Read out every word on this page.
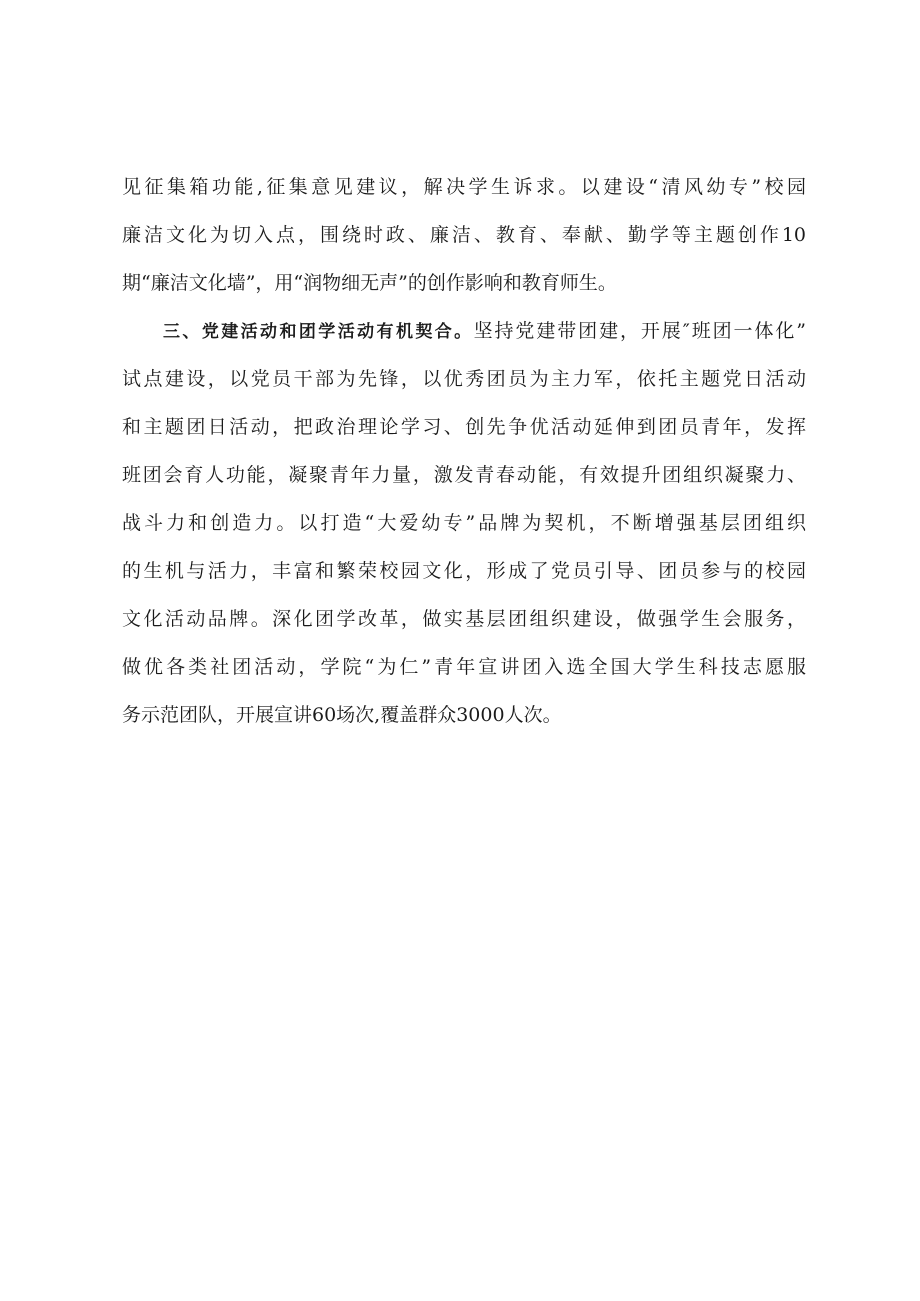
见征集箱功能,征集意见建议，解决学生诉求。以建设“清风幼专”校园
廉洁文化为切入点，围绕时政、廉洁、教育、奉献、勤学等主题创作10
期“廉洁文化墙”，用“润物细无声”的创作影响和教育师生。
三、党建活动和团学活动有机契合。坚持党建带团建，开展″班团一体化”
试点建设，以党员干部为先锋，以优秀团员为主力军，依托主题党日活动
和主题团日活动，把政治理论学习、创先争优活动延伸到团员青年，发挥
班团会育人功能，凝聚青年力量，激发青春动能，有效提升团组织凝聚力、
战斗力和创造力。以打造“大爱幼专”品牌为契机，不断增强基层团组织
的生机与活力，丰富和繁荣校园文化，形成了党员引导、团员参与的校园
文化活动品牌。深化团学改革，做实基层团组织建设，做强学生会服务，
做优各类社团活动，学院“为仁”青年宣讲团入选全国大学生科技志愿服
务示范团队，开展宣讲60场次,覆盖群众3000人次。
